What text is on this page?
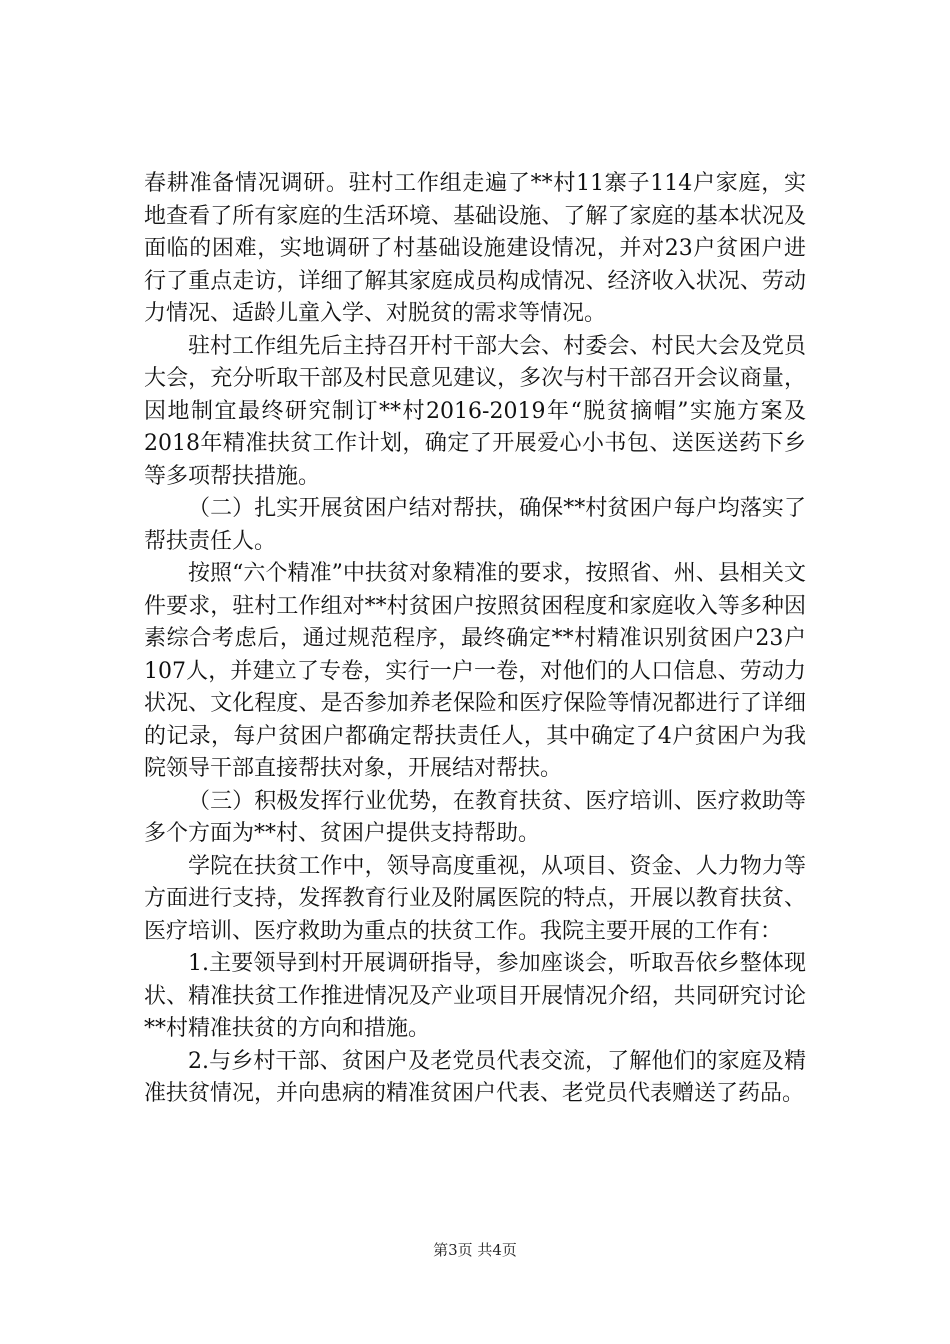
春耕准备情况调研。驻村工作组走遍了**村11寨子114户家庭，实地查看了所有家庭的生活环境、基础设施、了解了家庭的基本状况及面临的困难，实地调研了村基础设施建设情况，并对23户贫困户进行了重点走访，详细了解其家庭成员构成情况、经济收入状况、劳动力情况、适龄儿童入学、对脱贫的需求等情况。

驻村工作组先后主持召开村干部大会、村委会、村民大会及党员大会，充分听取干部及村民意见建议，多次与村干部召开会议商量，因地制宜最终研究制订**村2016-2019年“脱贫摘帽”实施方案及2018年精准扶贫工作计划，确定了开展爱心小书包、送医送药下乡等多项帮扶措施。

（二）扎实开展贫困户结对帮扶，确保**村贫困户每户均落实了帮扶责任人。

按照“六个精准”中扶贫对象精准的要求，按照省、州、县相关文件要求，驻村工作组对**村贫困户按照贫困程度和家庭收入等多种因素综合考虑后，通过规范程序，最终确定**村精准识别贫困户23户107人，并建立了专卷，实行一户一卷，对他们的人口信息、劳动力状况、文化程度、是否参加养老保险和医疗保险等情况都进行了详细的记录，每户贫困户都确定帮扶责任人，其中确定了4户贫困户为我院领导干部直接帮扶对象，开展结对帮扶。

（三）积极发挥行业优势，在教育扶贫、医疗培训、医疗救助等多个方面为**村、贫困户提供支持帮助。

学院在扶贫工作中，领导高度重视，从项目、资金、人力物力等方面进行支持，发挥教育行业及附属医院的特点，开展以教育扶贫、医疗培训、医疗救助为重点的扶贫工作。我院主要开展的工作有：

1.主要领导到村开展调研指导，参加座谈会，听取吾依乡整体现状、精准扶贫工作推进情况及产业项目开展情况介绍，共同研究讨论**村精准扶贫的方向和措施。

2.与乡村干部、贫困户及老党员代表交流，了解他们的家庭及精准扶贫情况，并向患病的精准贫困户代表、老党员代表赠送了药品。

第3页 共4页
